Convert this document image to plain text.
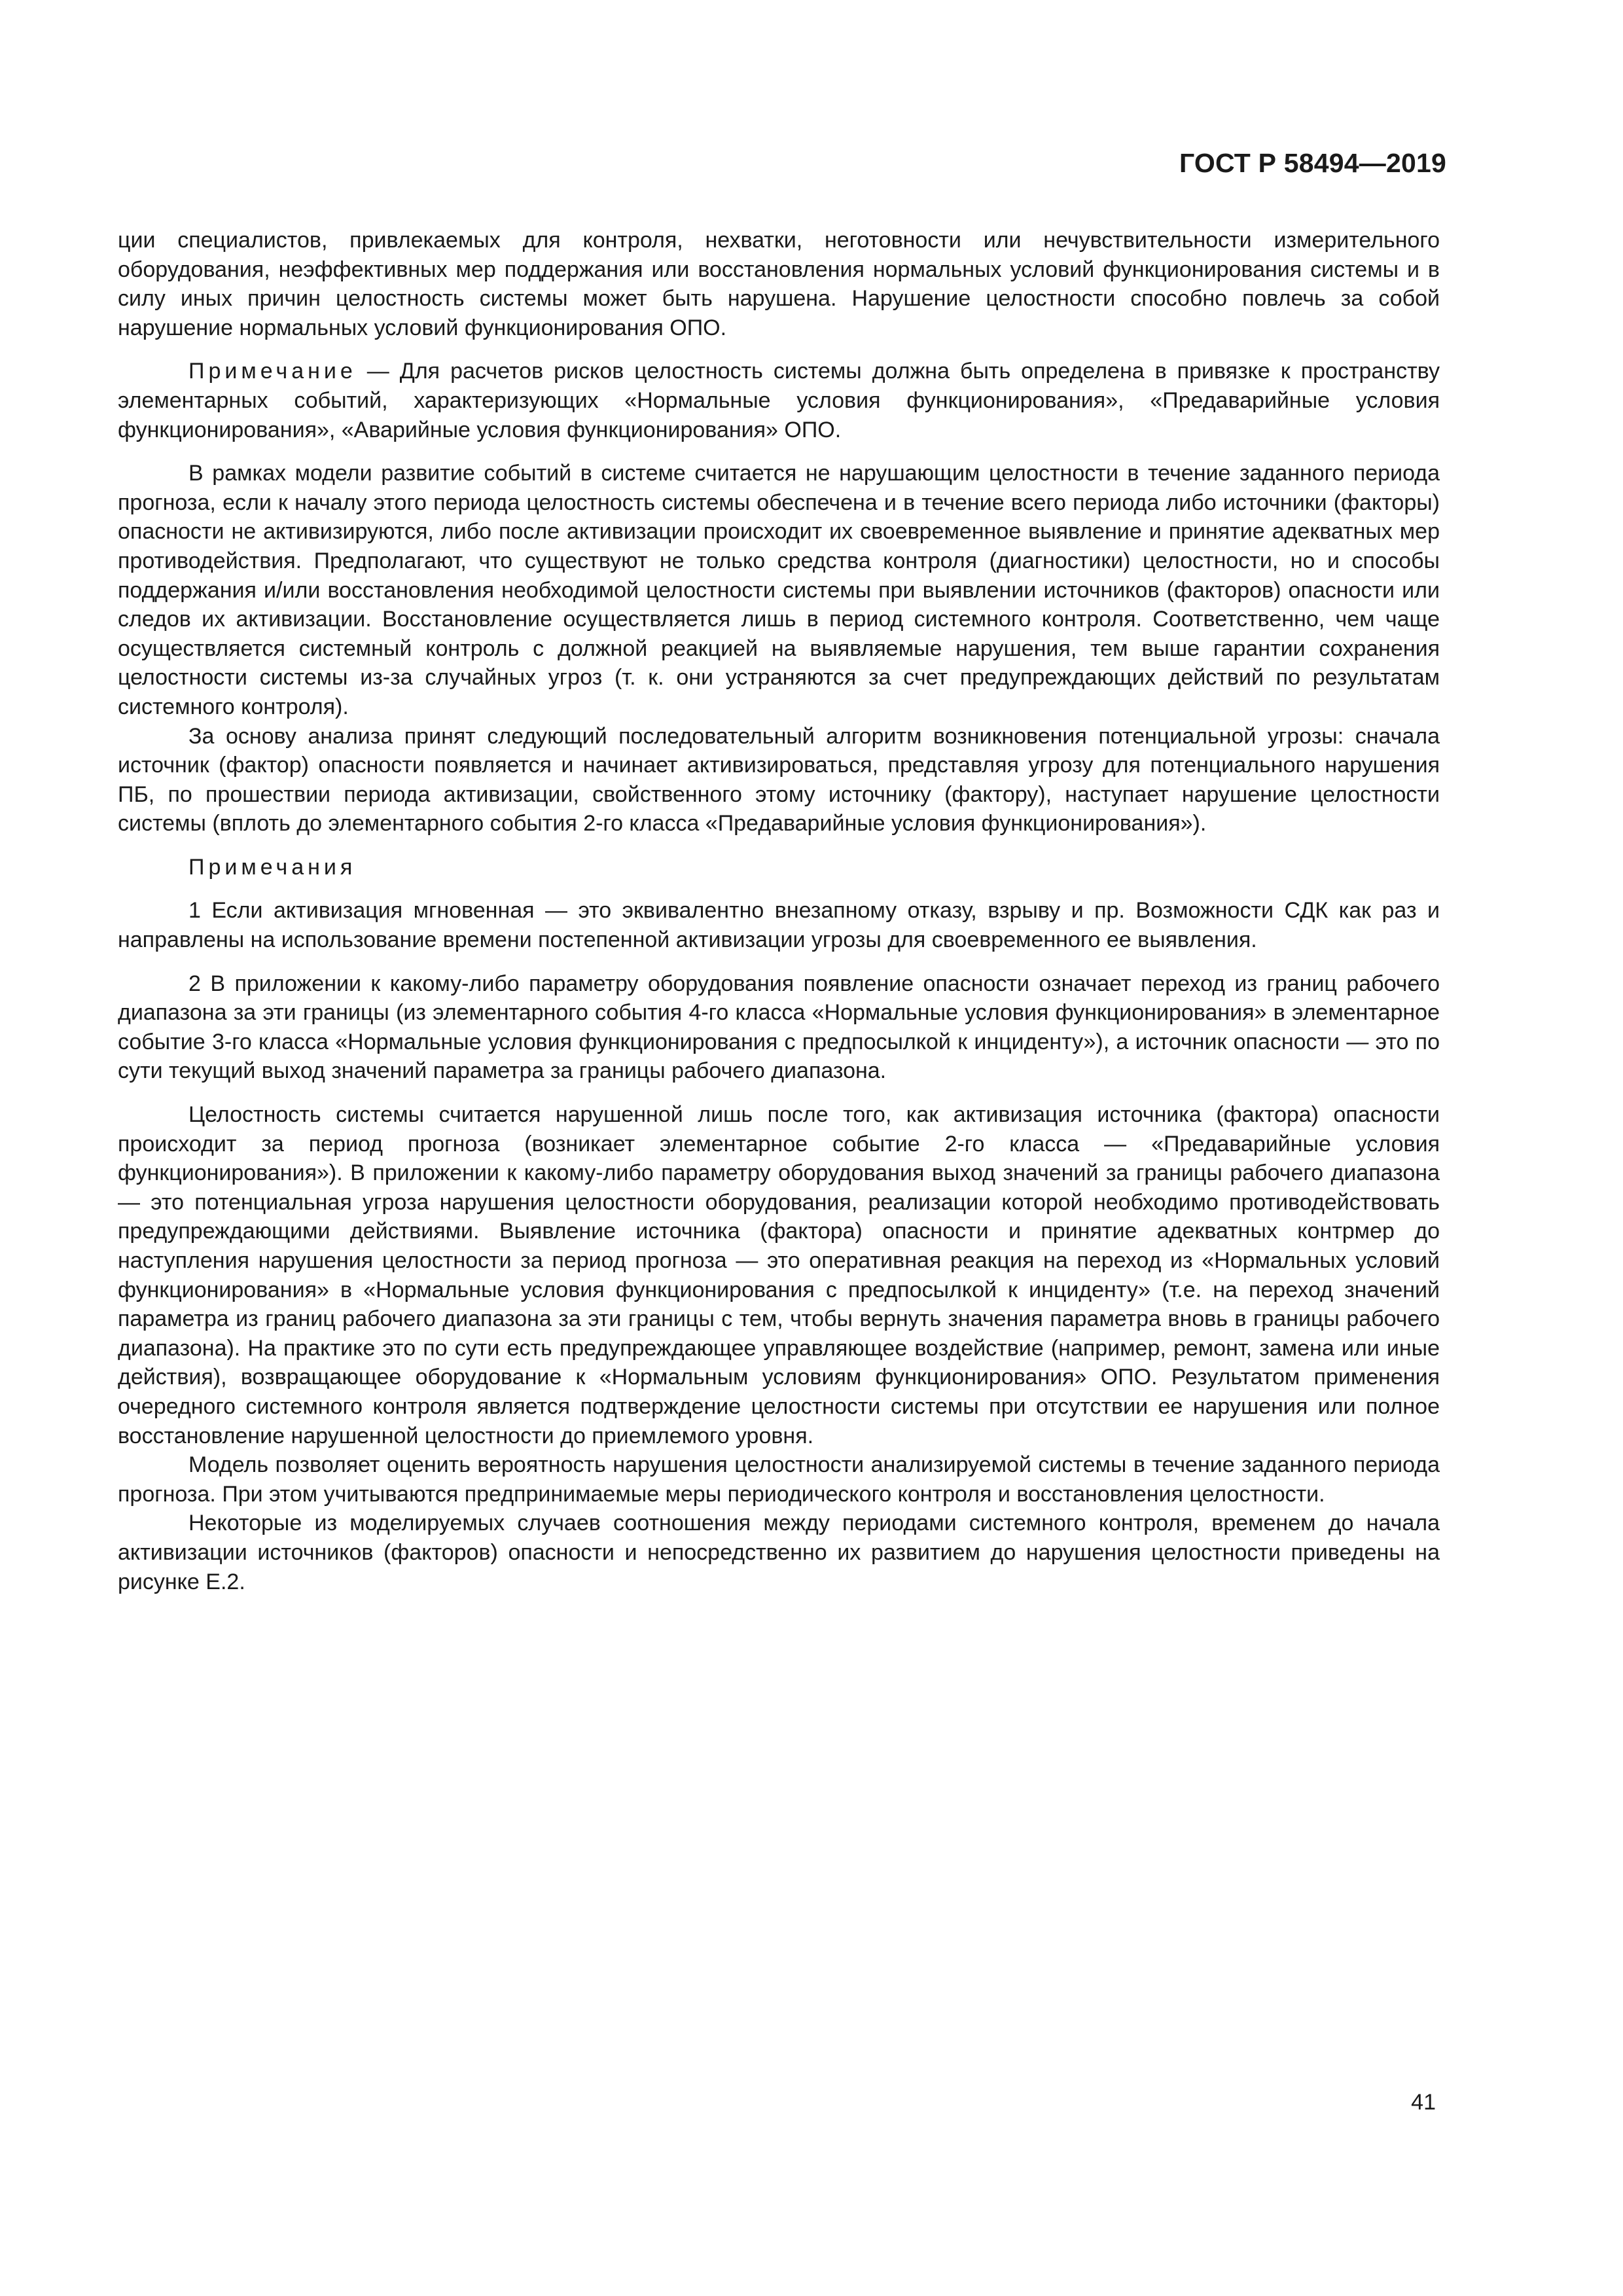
ГОСТ Р 58494—2019

ции специалистов, привлекаемых для контроля, нехватки, неготовности или нечувствительности измерительного оборудования, неэффективных мер поддержания или восстановления нормальных условий функционирования системы и в силу иных причин целостность системы может быть нарушена. Нарушение целостности способно повлечь за собой нарушение нормальных условий функционирования ОПО.

Примечание — Для расчетов рисков целостность системы должна быть определена в привязке к пространству элементарных событий, характеризующих «Нормальные условия функционирования», «Предаварийные условия функционирования», «Аварийные условия функционирования» ОПО.

В рамках модели развитие событий в системе считается не нарушающим целостности в течение заданного периода прогноза, если к началу этого периода целостность системы обеспечена и в течение всего периода либо источники (факторы) опасности не активизируются, либо после активизации происходит их своевременное выявление и принятие адекватных мер противодействия. Предполагают, что существуют не только средства контроля (диагностики) целостности, но и способы поддержания и/или восстановления необходимой целостности системы при выявлении источников (факторов) опасности или следов их активизации. Восстановление осуществляется лишь в период системного контроля. Соответственно, чем чаще осуществляется системный контроль с должной реакцией на выявляемые нарушения, тем выше гарантии сохранения целостности системы из-за случайных угроз (т. к. они устраняются за счет предупреждающих действий по результатам системного контроля).

За основу анализа принят следующий последовательный алгоритм возникновения потенциальной угрозы: сначала источник (фактор) опасности появляется и начинает активизироваться, представляя угрозу для потенциального нарушения ПБ, по прошествии периода активизации, свойственного этому источнику (фактору), наступает нарушение целостности системы (вплоть до элементарного события 2-го класса «Предаварийные условия функционирования»).

Примечания

1 Если активизация мгновенная — это эквивалентно внезапному отказу, взрыву и пр. Возможности СДК как раз и направлены на использование времени постепенной активизации угрозы для своевременного ее выявления.

2 В приложении к какому-либо параметру оборудования появление опасности означает переход из границ рабочего диапазона за эти границы (из элементарного события 4-го класса «Нормальные условия функционирования» в элементарное событие 3-го класса «Нормальные условия функционирования с предпосылкой к инциденту»), а источник опасности — это по сути текущий выход значений параметра за границы рабочего диапазона.

Целостность системы считается нарушенной лишь после того, как активизация источника (фактора) опасности происходит за период прогноза (возникает элементарное событие 2-го класса — «Предаварийные условия функционирования»). В приложении к какому-либо параметру оборудования выход значений за границы рабочего диапазона — это потенциальная угроза нарушения целостности оборудования, реализации которой необходимо противодействовать предупреждающими действиями. Выявление источника (фактора) опасности и принятие адекватных контрмер до наступления нарушения целостности за период прогноза — это оперативная реакция на переход из «Нормальных условий функционирования» в «Нормальные условия функционирования с предпосылкой к инциденту» (т.е. на переход значений параметра из границ рабочего диапазона за эти границы с тем, чтобы вернуть значения параметра вновь в границы рабочего диапазона). На практике это по сути есть предупреждающее управляющее воздействие (например, ремонт, замена или иные действия), возвращающее оборудование к «Нормальным условиям функционирования» ОПО. Результатом применения очередного системного контроля является подтверждение целостности системы при отсутствии ее нарушения или полное восстановление нарушенной целостности до приемлемого уровня.

Модель позволяет оценить вероятность нарушения целостности анализируемой системы в течение заданного периода прогноза. При этом учитываются предпринимаемые меры периодического контроля и восстановления целостности.

Некоторые из моделируемых случаев соотношения между периодами системного контроля, временем до начала активизации источников (факторов) опасности и непосредственно их развитием до нарушения целостности приведены на рисунке Е.2.

41
